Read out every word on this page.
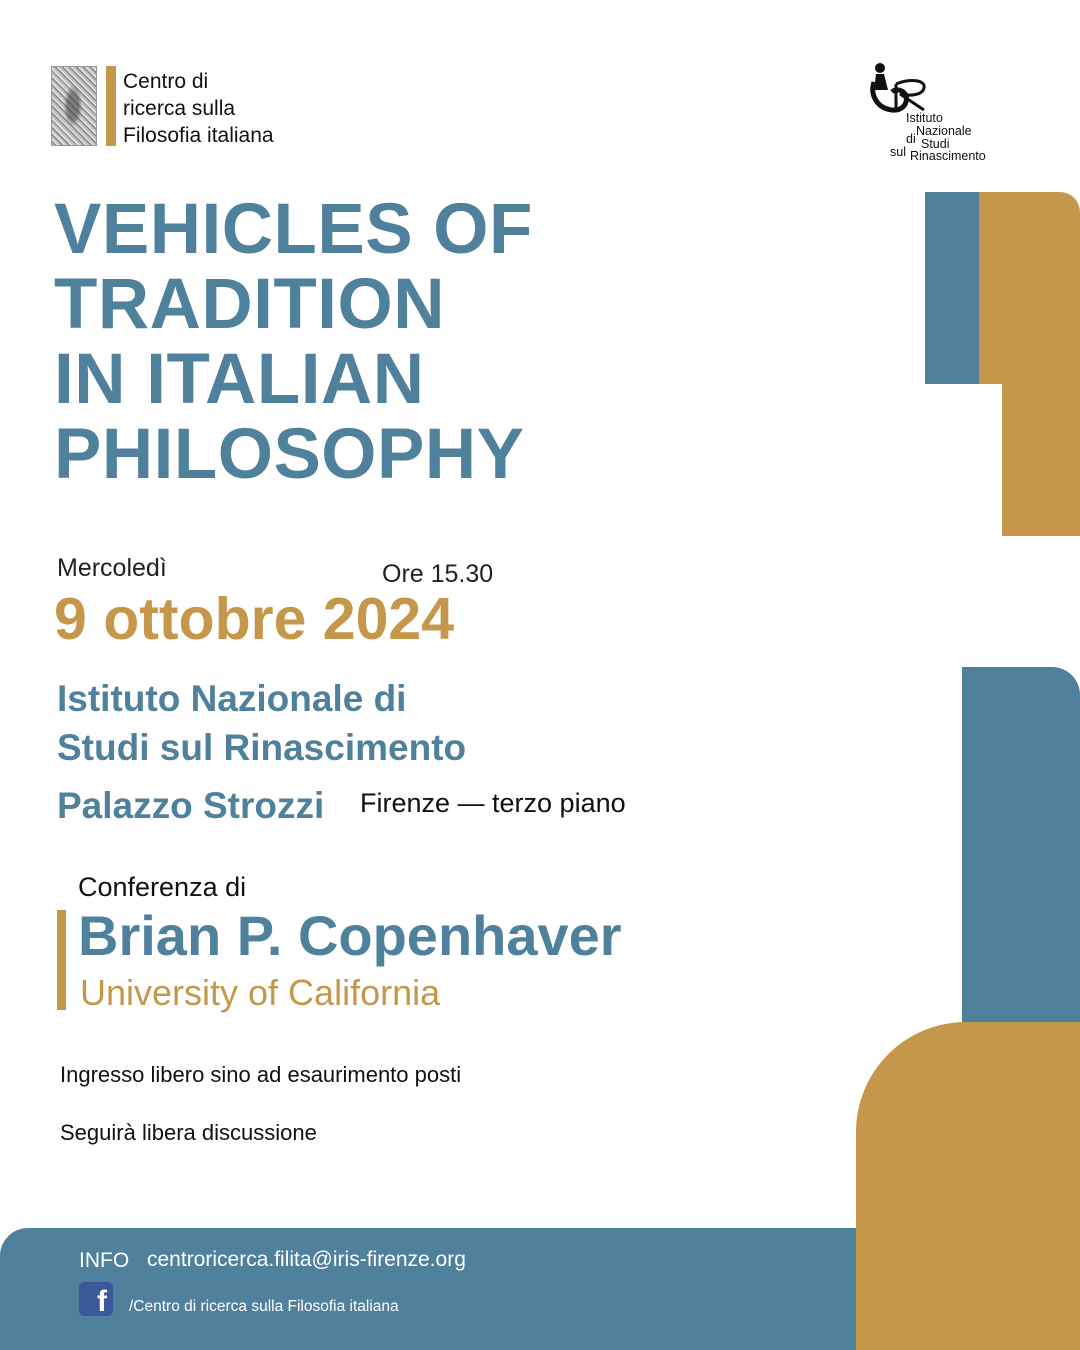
Centro di
ricerca sulla
Filosofia italiana
Istituto
Nazionale
di Studi
sul Rinascimento
VEHICLES OF
TRADITION
IN ITALIAN
PHILOSOPHY
Mercoledì	Ore 15.30
9 ottobre 2024
Istituto Nazionale di
Studi sul Rinascimento
Palazzo Strozzi Firenze — terzo piano
Conferenza di
Brian P. Copenhaver
University of California
Ingresso libero sino ad esaurimento posti
Seguirà libera discussione
INFO centroricerca.filita@iris-firenze.org
f	/Centro di ricerca sulla Filosofia italiana
